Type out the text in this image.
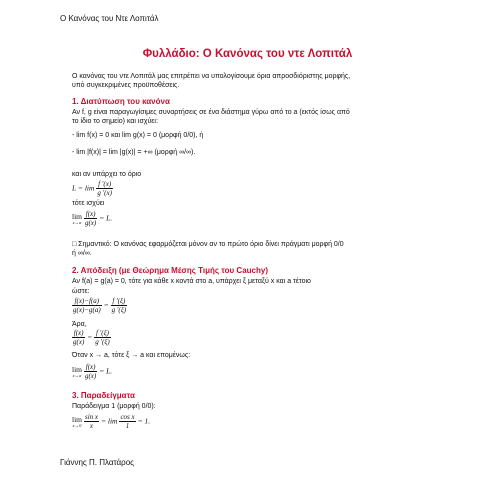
Ο Κανόνας του Ντε Λοπιτάλ
Φυλλάδιο: Ο Κανόνας του ντε Λοπιτάλ
Ο κανόνας του ντε Λοπιτάλ μας επιτρέπει να υπολογίσουμε όρια απροσδιόριστης μορφής,
υπό συγκεκριμένες προϋποθέσεις.
1. Διατύπωση του κανόνα
Αν f, g είναι παραγωγίσιμες συναρτήσεις σε ένα διάστημα γύρω από το a (εκτός ίσως από
το ίδιο το σημείο) και ισχύει:
- lim f(x) = 0 και lim g(x) = 0 (μορφή 0/0), ή
- lim |f(x)| = lim |g(x)| = +∞ (μορφή ∞/∞).
και αν υπάρχει το όριο
$L = \lim \frac{f '(x)}{g '(x)}$
τότε ισχύει
lim
x→a
$\frac{f(x)}{g(x)} = L$.
□ Σημαντικό: Ο κανόνας εφαρμόζεται μόνον αν το πρώτο όριο δίνει πράγματι μορφή 0/0
ή ∞/∞.
2. Απόδειξη (με Θεώρημα Μέσης Τιμής του Cauchy)
Αν f(a) = g(a) = 0, τότε για κάθε x κοντά στο a, υπάρχει ξ μεταξύ x και a τέτοιο
ώστε:
$\frac{f(x)-f(a)}{g(x)-g(a)} = \frac{f '(\xi)}{g '(\xi)}$
Άρα,
$\frac{f(x)}{g(x)} = \frac{f '(\xi)}{g '(\xi)}$
Όταν x → a, τότε ξ → a και επομένως:
lim
x→a
$\frac{f(x)}{g(x)} = L$.
3. Παραδείγματα
Παράδειγμα 1 (μορφή 0/0):
lim
x→0
$\frac{\text{sin x}}{x} = \lim \frac{\text{cos x}}{1} = 1$.
Γιάννης Π. Πλατάρος
